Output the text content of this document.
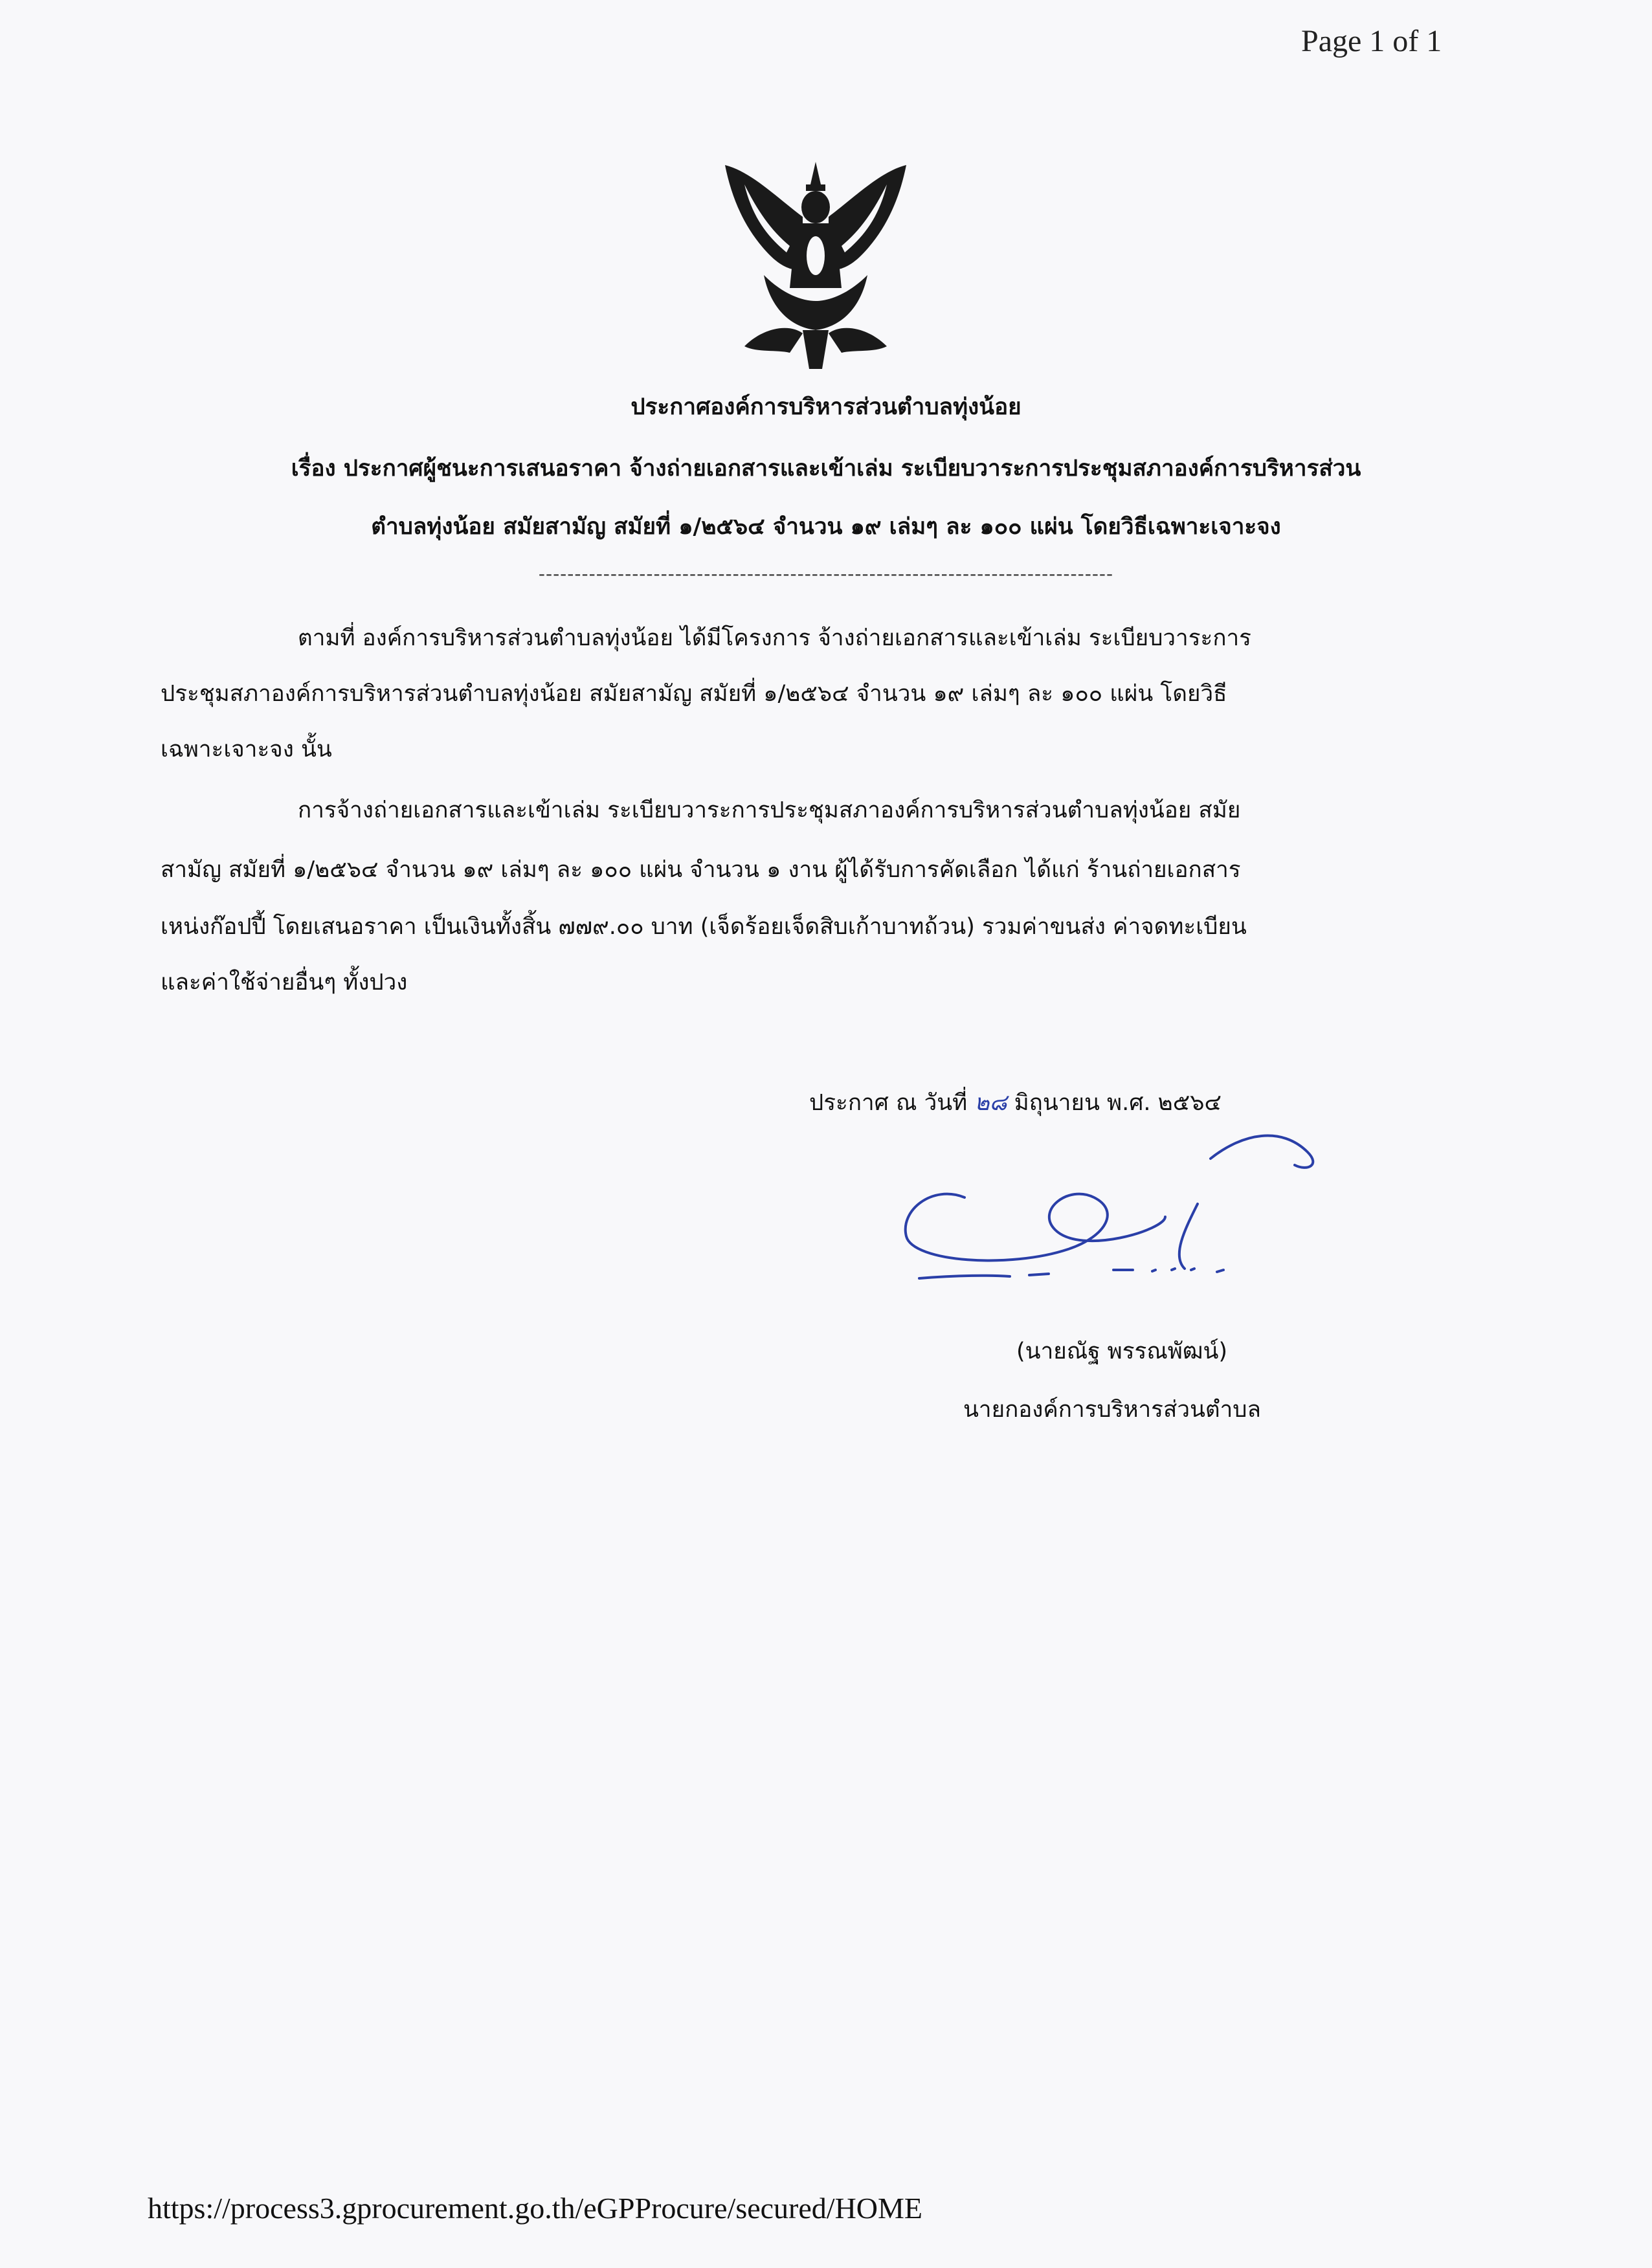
Page 1 of 1
ประกาศองค์การบริหารส่วนตำบลทุ่งน้อย
เรื่อง ประกาศผู้ชนะการเสนอราคา จ้างถ่ายเอกสารและเข้าเล่ม ระเบียบวาระการประชุมสภาองค์การบริหารส่วน
ตำบลทุ่งน้อย สมัยสามัญ สมัยที่ ๑/๒๕๖๔ จำนวน ๑๙ เล่มๆ ละ ๑๐๐ แผ่น โดยวิธีเฉพาะเจาะจง
--------------------------------------------------------------------------------
ตามที่ องค์การบริหารส่วนตำบลทุ่งน้อย ได้มีโครงการ จ้างถ่ายเอกสารและเข้าเล่ม ระเบียบวาระการ
ประชุมสภาองค์การบริหารส่วนตำบลทุ่งน้อย สมัยสามัญ สมัยที่ ๑/๒๕๖๔ จำนวน ๑๙ เล่มๆ ละ ๑๐๐ แผ่น โดยวิธี
เฉพาะเจาะจง นั้น
การจ้างถ่ายเอกสารและเข้าเล่ม ระเบียบวาระการประชุมสภาองค์การบริหารส่วนตำบลทุ่งน้อย สมัย
สามัญ สมัยที่ ๑/๒๕๖๔ จำนวน ๑๙ เล่มๆ ละ ๑๐๐ แผ่น จำนวน ๑ งาน ผู้ได้รับการคัดเลือก ได้แก่ ร้านถ่ายเอกสาร
เหน่งก๊อปปี้ โดยเสนอราคา เป็นเงินทั้งสิ้น ๗๗๙.๐๐ บาท (เจ็ดร้อยเจ็ดสิบเก้าบาทถ้วน) รวมค่าขนส่ง ค่าจดทะเบียน
และค่าใช้จ่ายอื่นๆ ทั้งปวง
ประกาศ ณ วันที่ ๒๘ มิถุนายน พ.ศ. ๒๕๖๔
(นายณัฐ พรรณพัฒน์)
นายกองค์การบริหารส่วนตำบล
https://process3.gprocurement.go.th/eGPProcure/secured/HOME
